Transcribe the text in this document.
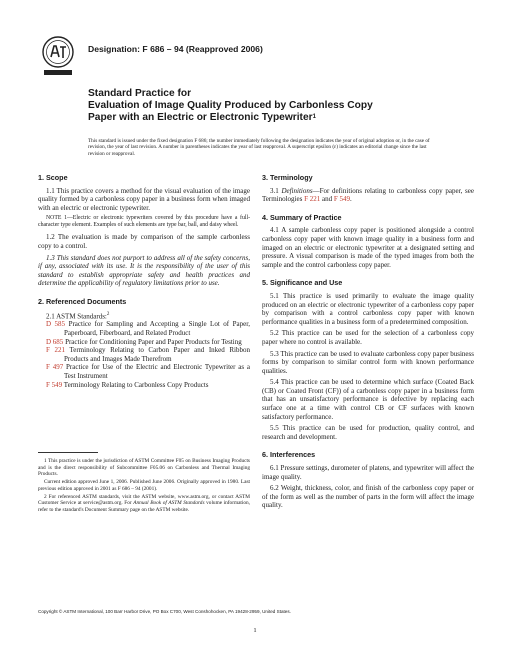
Designation: F 686 – 94 (Reapproved 2006)
Standard Practice for
Evaluation of Image Quality Produced by Carbonless Copy
Paper with an Electric or Electronic Typewriter$^1$
This standard is issued under the fixed designation F 686; the number immediately following the designation indicates the year of original adoption or, in the case of revision, the year of last revision. A number in parentheses indicates the year of last reapproval. A superscript epsilon (ε) indicates an editorial change since the last revision or reapproval.
1. Scope

1.1 This practice covers a method for the visual evaluation of the image quality formed by a carbonless copy paper in a business form when imaged with an electric or electronic typewriter.

NOTE 1—Electric or electronic typewriters covered by this procedure have a full-character type element. Examples of such elements are type bar, ball, and daisy wheel.

1.2 The evaluation is made by comparison of the sample carbonless copy to a control.

1.3 This standard does not purport to address all of the safety concerns, if any, associated with its use. It is the responsibility of the user of this standard to establish appropriate safety and health practices and determine the applicability of regulatory limitations prior to use.

2. Referenced Documents

2.1 ASTM Standards:$^2$

D 585 Practice for Sampling and Accepting a Single Lot of Paper, Paperboard, Fiberboard, and Related Product

D 685 Practice for Conditioning Paper and Paper Products for Testing

F 221 Terminology Relating to Carbon Paper and Inked Ribbon Products and Images Made Therefrom

F 497 Practice for Use of the Electric and Electronic Typewriter as a Test Instrument

F 549 Terminology Relating to Carbonless Copy Products

3. Terminology

3.1 Definitions—For definitions relating to carbonless copy paper, see Terminologies F 221 and F 549.

4. Summary of Practice

4.1 A sample carbonless copy paper is positioned alongside a control carbonless copy paper with known image quality in a business form and imaged on an electric or electronic typewriter at a designated setting and pressure. A visual comparison is made of the typed images from both the sample and the control carbonless copy paper.

5. Significance and Use

5.1 This practice is used primarily to evaluate the image quality produced on an electric or electronic typewriter of a carbonless copy paper by comparison with a control carbonless copy paper with known performance qualities in a business form of a predetermined composition.

5.2 This practice can be used for the selection of a carbonless copy paper where no control is available.

5.3 This practice can be used to evaluate carbonless copy paper business forms by comparison to similar control form with known performance qualities.

5.4 This practice can be used to determine which surface (Coated Back (CB) or Coated Front (CF)) of a carbonless copy paper in a business form that has an unsatisfactory performance is defective by replacing each surface one at a time with control CB or CF surfaces with known satisfactory performance.

5.5 This practice can be used for production, quality control, and research and development.

6. Interferences

6.1 Pressure settings, durometer of platens, and typewriter will affect the image quality.

6.2 Weight, thickness, color, and finish of the carbonless copy paper or of the form as well as the number of parts in the form will affect the image quality.

1 This practice is under the jurisdiction of ASTM Committee F05 on Business Imaging Products and is the direct responsibility of Subcommittee F05.06 on Carbonless and Thermal Imaging Products.

Current edition approved June 1, 2006. Published June 2006. Originally approved in 1980. Last previous edition approved in 2001 as F 686 – 94 (2001).

2 For referenced ASTM standards, visit the ASTM website, www.astm.org, or contact ASTM Customer Service at service@astm.org. For Annual Book of ASTM Standards volume information, refer to the standard's Document Summary page on the ASTM website.

Copyright © ASTM International, 100 Barr Harbor Drive, PO Box C700, West Conshohocken, PA 19428-2959, United States.
1
